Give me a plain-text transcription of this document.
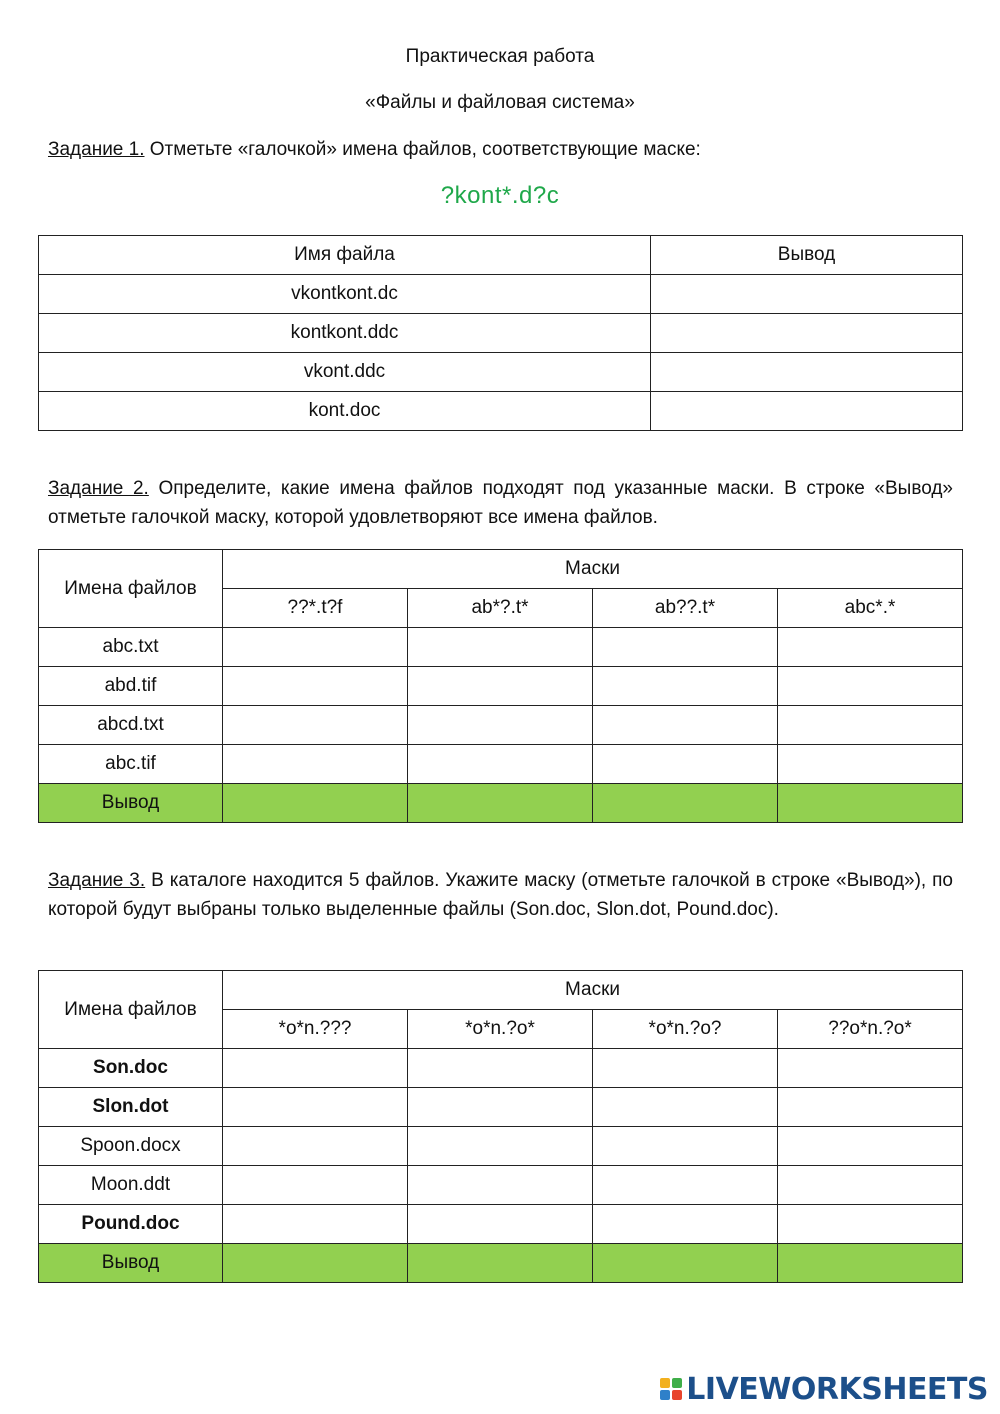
Практическая работа
«Файлы и файловая система»
Задание 1. Отметьте «галочкой» имена файлов, соответствующие маске:
?kont*.d?c
Имя файла	Вывод
vkontkont.dc	
kontkont.ddc	
vkont.ddc	
kont.doc	
Задание 2. Определите, какие имена файлов подходят под указанные маски. В строке «Вывод» отметьте галочкой маску, которой удовлетворяют все имена файлов.
Имена файлов	Маски			
	??*.t?f	ab*?.t*	ab??.t*	abc*.*
abc.txt				
abd.tif				
abcd.txt				
abc.tif				
Вывод				
Задание 3. В каталоге находится 5 файлов. Укажите маску (отметьте галочкой в строке «Вывод»), по которой будут выбраны только выделенные файлы (Son.doc, Slon.dot, Pound.doc).
Имена файлов	Маски			
	*o*n.???	*o*n.?o*	*o*n.?o?	??o*n.?o*
Son.doc				
Slon.dot				
Spoon.docx				
Moon.ddt				
Pound.doc				
Вывод				
LIVEWORKSHEETS
